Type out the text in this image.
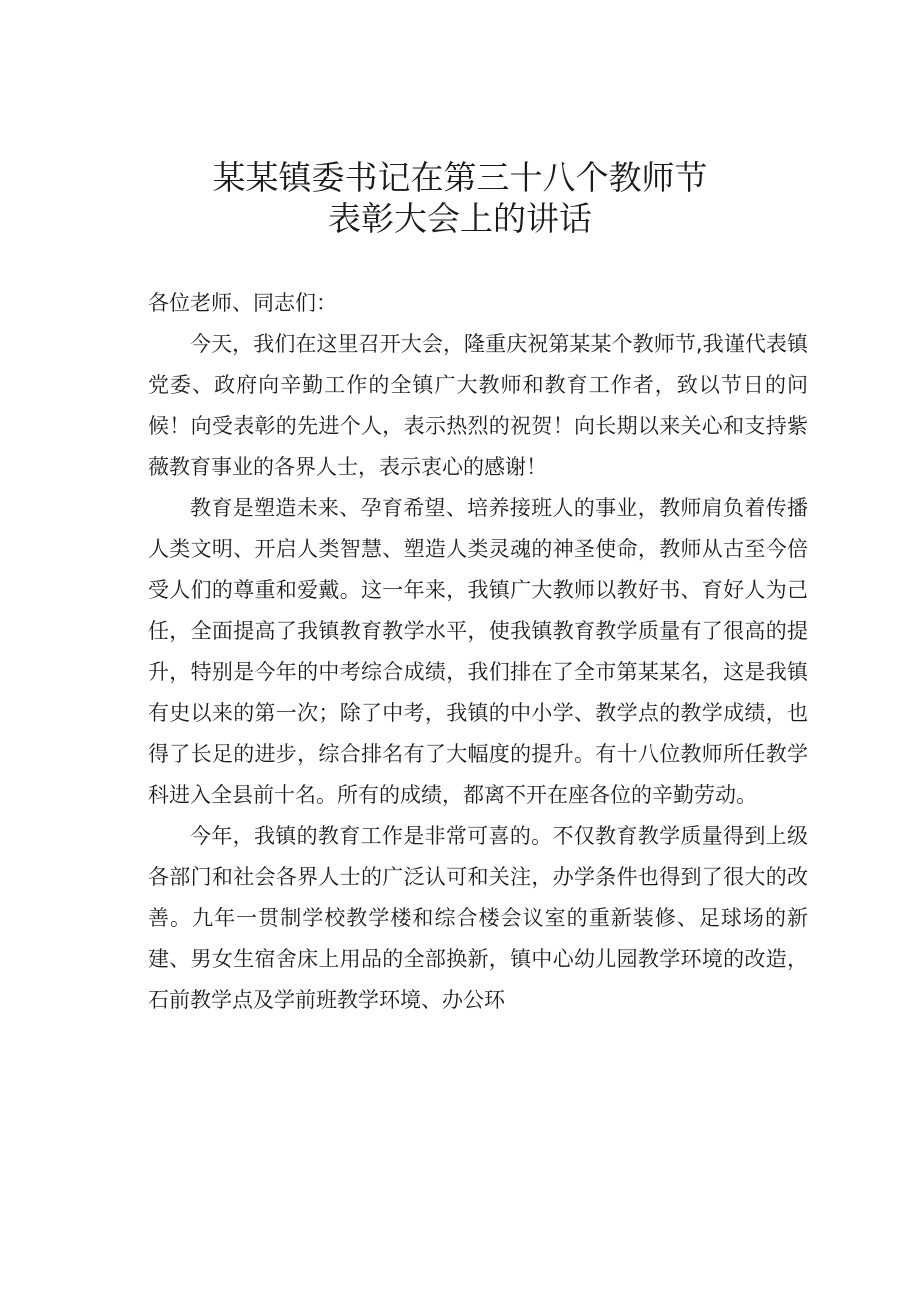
某某镇委书记在第三十八个教师节
表彰大会上的讲话

各位老师、同志们：

今天，我们在这里召开大会，隆重庆祝第某某个教师节,我谨代表镇党委、政府向辛勤工作的全镇广大教师和教育工作者，致以节日的问候！向受表彰的先进个人，表示热烈的祝贺！向长期以来关心和支持紫薇教育事业的各界人士，表示衷心的感谢！

教育是塑造未来、孕育希望、培养接班人的事业，教师肩负着传播人类文明、开启人类智慧、塑造人类灵魂的神圣使命，教师从古至今倍受人们的尊重和爱戴。这一年来，我镇广大教师以教好书、育好人为己任，全面提高了我镇教育教学水平，使我镇教育教学质量有了很高的提升，特别是今年的中考综合成绩，我们排在了全市第某某名，这是我镇有史以来的第一次；除了中考，我镇的中小学、教学点的教学成绩，也得了长足的进步，综合排名有了大幅度的提升。有十八位教师所任教学科进入全县前十名。所有的成绩，都离不开在座各位的辛勤劳动。

今年，我镇的教育工作是非常可喜的。不仅教育教学质量得到上级各部门和社会各界人士的广泛认可和关注，办学条件也得到了很大的改善。九年一贯制学校教学楼和综合楼会议室的重新装修、足球场的新建、男女生宿舍床上用品的全部换新，镇中心幼儿园教学环境的改造，石前教学点及学前班教学环境、办公环
